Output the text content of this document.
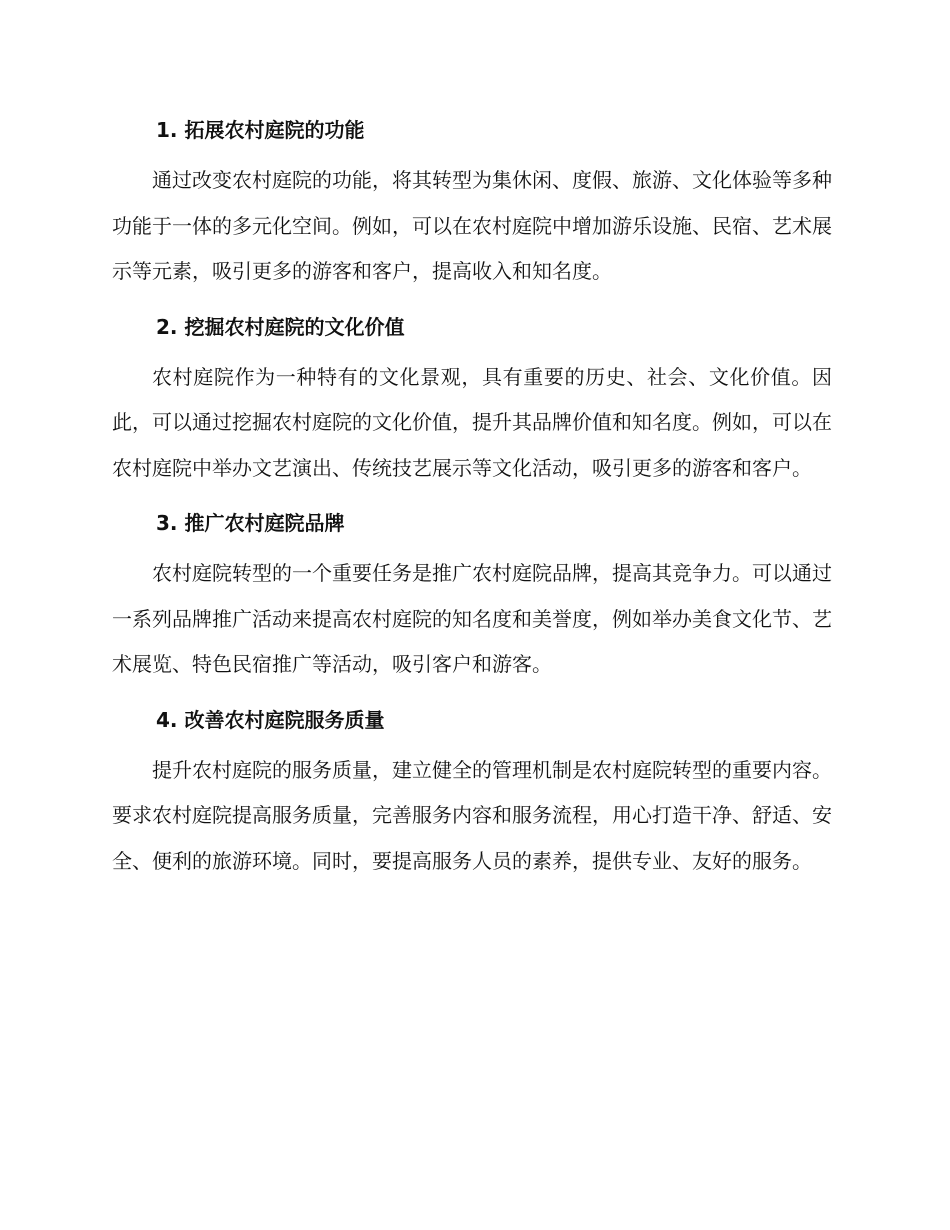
1. 拓展农村庭院的功能

通过改变农村庭院的功能，将其转型为集休闲、度假、旅游、文化体验等多种功能于一体的多元化空间。例如，可以在农村庭院中增加游乐设施、民宿、艺术展示等元素，吸引更多的游客和客户，提高收入和知名度。

2. 挖掘农村庭院的文化价值

农村庭院作为一种特有的文化景观，具有重要的历史、社会、文化价值。因此，可以通过挖掘农村庭院的文化价值，提升其品牌价值和知名度。例如，可以在农村庭院中举办文艺演出、传统技艺展示等文化活动，吸引更多的游客和客户。

3. 推广农村庭院品牌

农村庭院转型的一个重要任务是推广农村庭院品牌，提高其竞争力。可以通过一系列品牌推广活动来提高农村庭院的知名度和美誉度，例如举办美食文化节、艺术展览、特色民宿推广等活动，吸引客户和游客。

4. 改善农村庭院服务质量

提升农村庭院的服务质量，建立健全的管理机制是农村庭院转型的重要内容。要求农村庭院提高服务质量，完善服务内容和服务流程，用心打造干净、舒适、安全、便利的旅游环境。同时，要提高服务人员的素养，提供专业、友好的服务。
